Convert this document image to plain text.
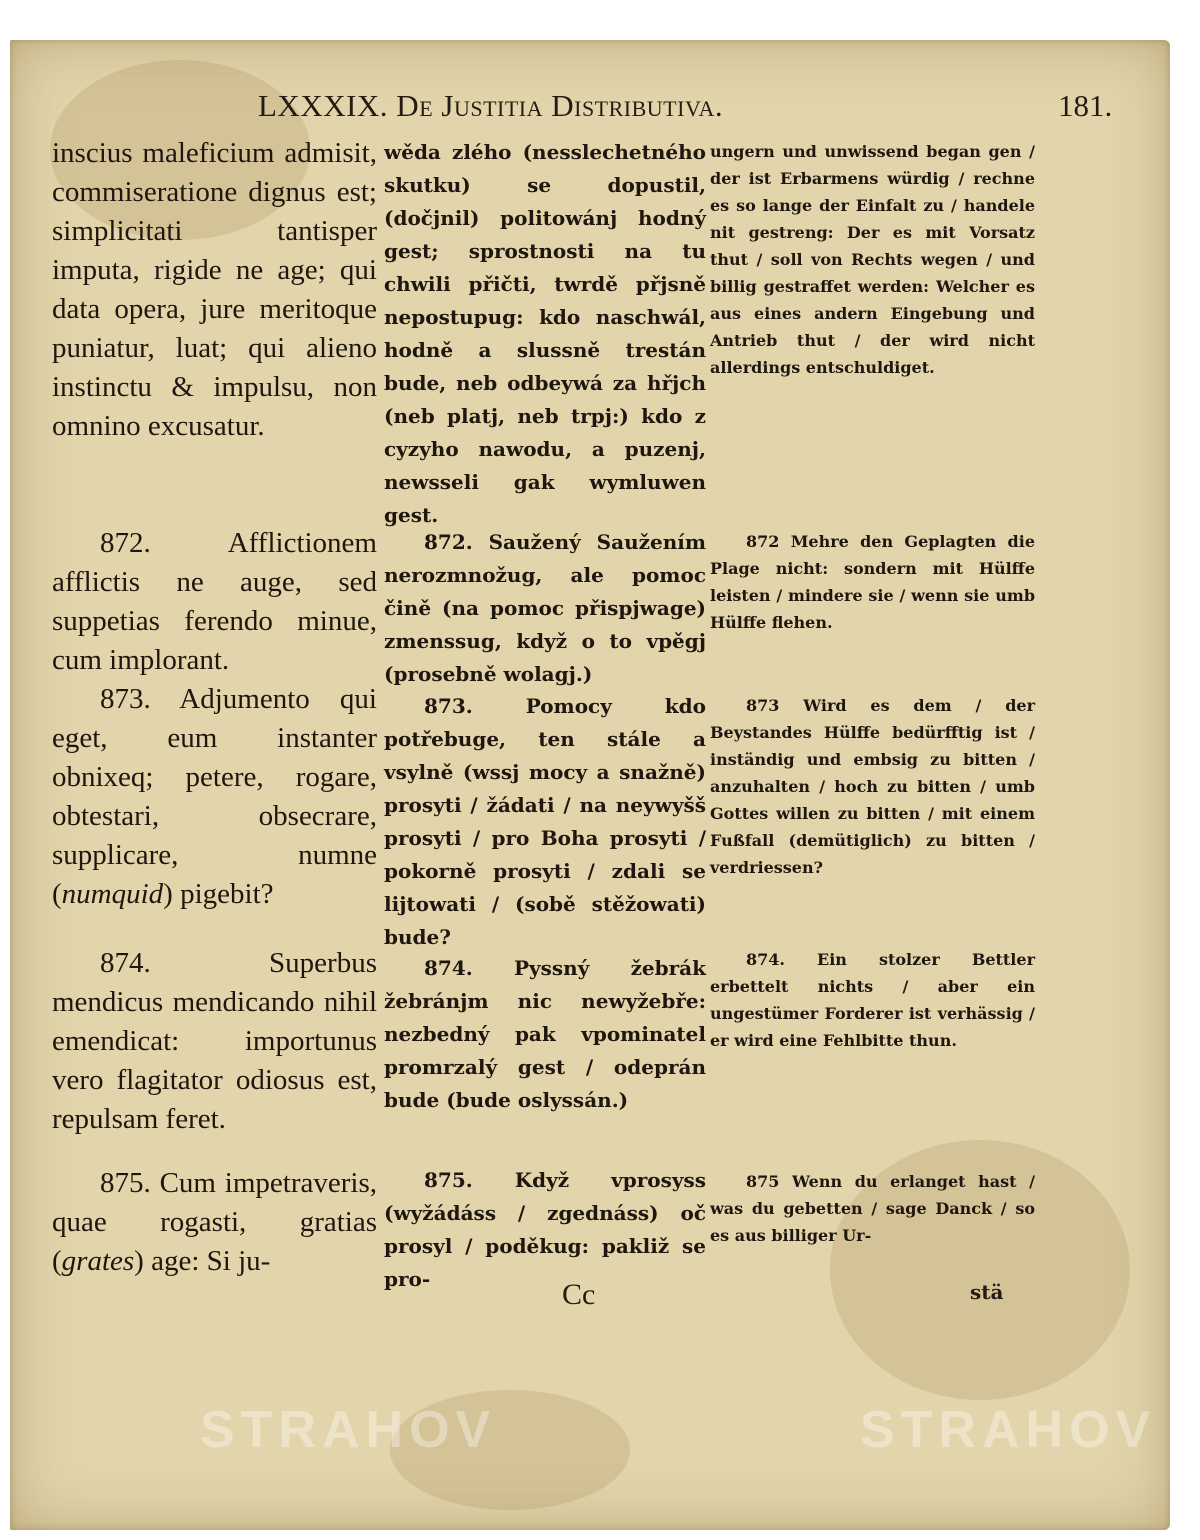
LXXXIX. De Justitia Distributiva.	181.
inscius maleficium admisit, commiseratione dignus est; simplicitati tantisper imputa, rigide ne age; qui data opera, jure meritoque puniatur, luat; qui alieno instinctu & impulsu, non omnino excusatur.
872. Afflictionem afflictis ne auge, sed suppetias ferendo minue, cum implorant.
873. Adjumento qui eget, eum instanter obnixeq; petere, rogare, obtestari, obsecrare, supplicare, numne (numquid) pigebit?
874. Superbus mendicus mendicando nihil emendicat: importunus vero flagitator odiosus est, repulsam feret.
875. Cum impetraveris, quae rogasti, gratias (grates) age: Si ju-
wěda zlého (nesslechetného skutku) se dopustil, (dočjnil) politowánj hodný gest; sprostnosti na tu chwili přičti, twrdě přjsně nepostupug: kdo naschwál, hodně a slussně trestán bude, neb odbeywá za hřjch (neb platj, neb trpj:) kdo z cyzyho nawodu, a puzenj, newsseli gak wymluwen gest.
872. Saužený Saužením nerozmnožug, ale pomoc čině (na pomoc přispjwage) zmenssug, když o to vpěgj (prosebně wolagj.)
873. Pomocy kdo potřebuge, ten stále a vsylně (wssj mocy a snažně) prosyti / žádati / na neywyšš prosyti / pro Boha prosyti / pokorně prosyti / zdali se lijtowati / (sobě stěžowati) bude?
874. Pyssný žebrák žebránjm nic newyžebře: nezbedný pak vpominatel promrzalý gest / odeprán bude (bude oslyssán.)
875. Když vprosyss (wyžádáss / zgednáss) oč prosyl / poděkug: pakliž se pro-
ungern und unwissend began gen / der ist Erbarmens würdig / rechne es so lange der Einfalt zu / handele nit gestreng: Der es mit Vorsatz thut / soll von Rechts wegen / und billig gestraffet werden: Welcher es aus eines andern Eingebung und Antrieb thut / der wird nicht allerdings entschuldiget.
872 Mehre den Geplagten die Plage nicht: sondern mit Hülffe leisten / mindere sie / wenn sie umb Hülffe flehen.
873 Wird es dem / der Beystandes Hülffe bedürfftig ist / inständig und embsig zu bitten / anzuhalten / hoch zu bitten / umb Gottes willen zu bitten / mit einem Fußfall (demütiglich) zu bitten / verdriessen?
874. Ein stolzer Bettler erbettelt nichts / aber ein ungestümer Forderer ist verhässig / er wird eine Fehlbitte thun.
875 Wenn du erlanget hast / was du gebetten / sage Danck / so es aus billiger Ur-
Cc	stä
STRAHOV	STRAHOV
